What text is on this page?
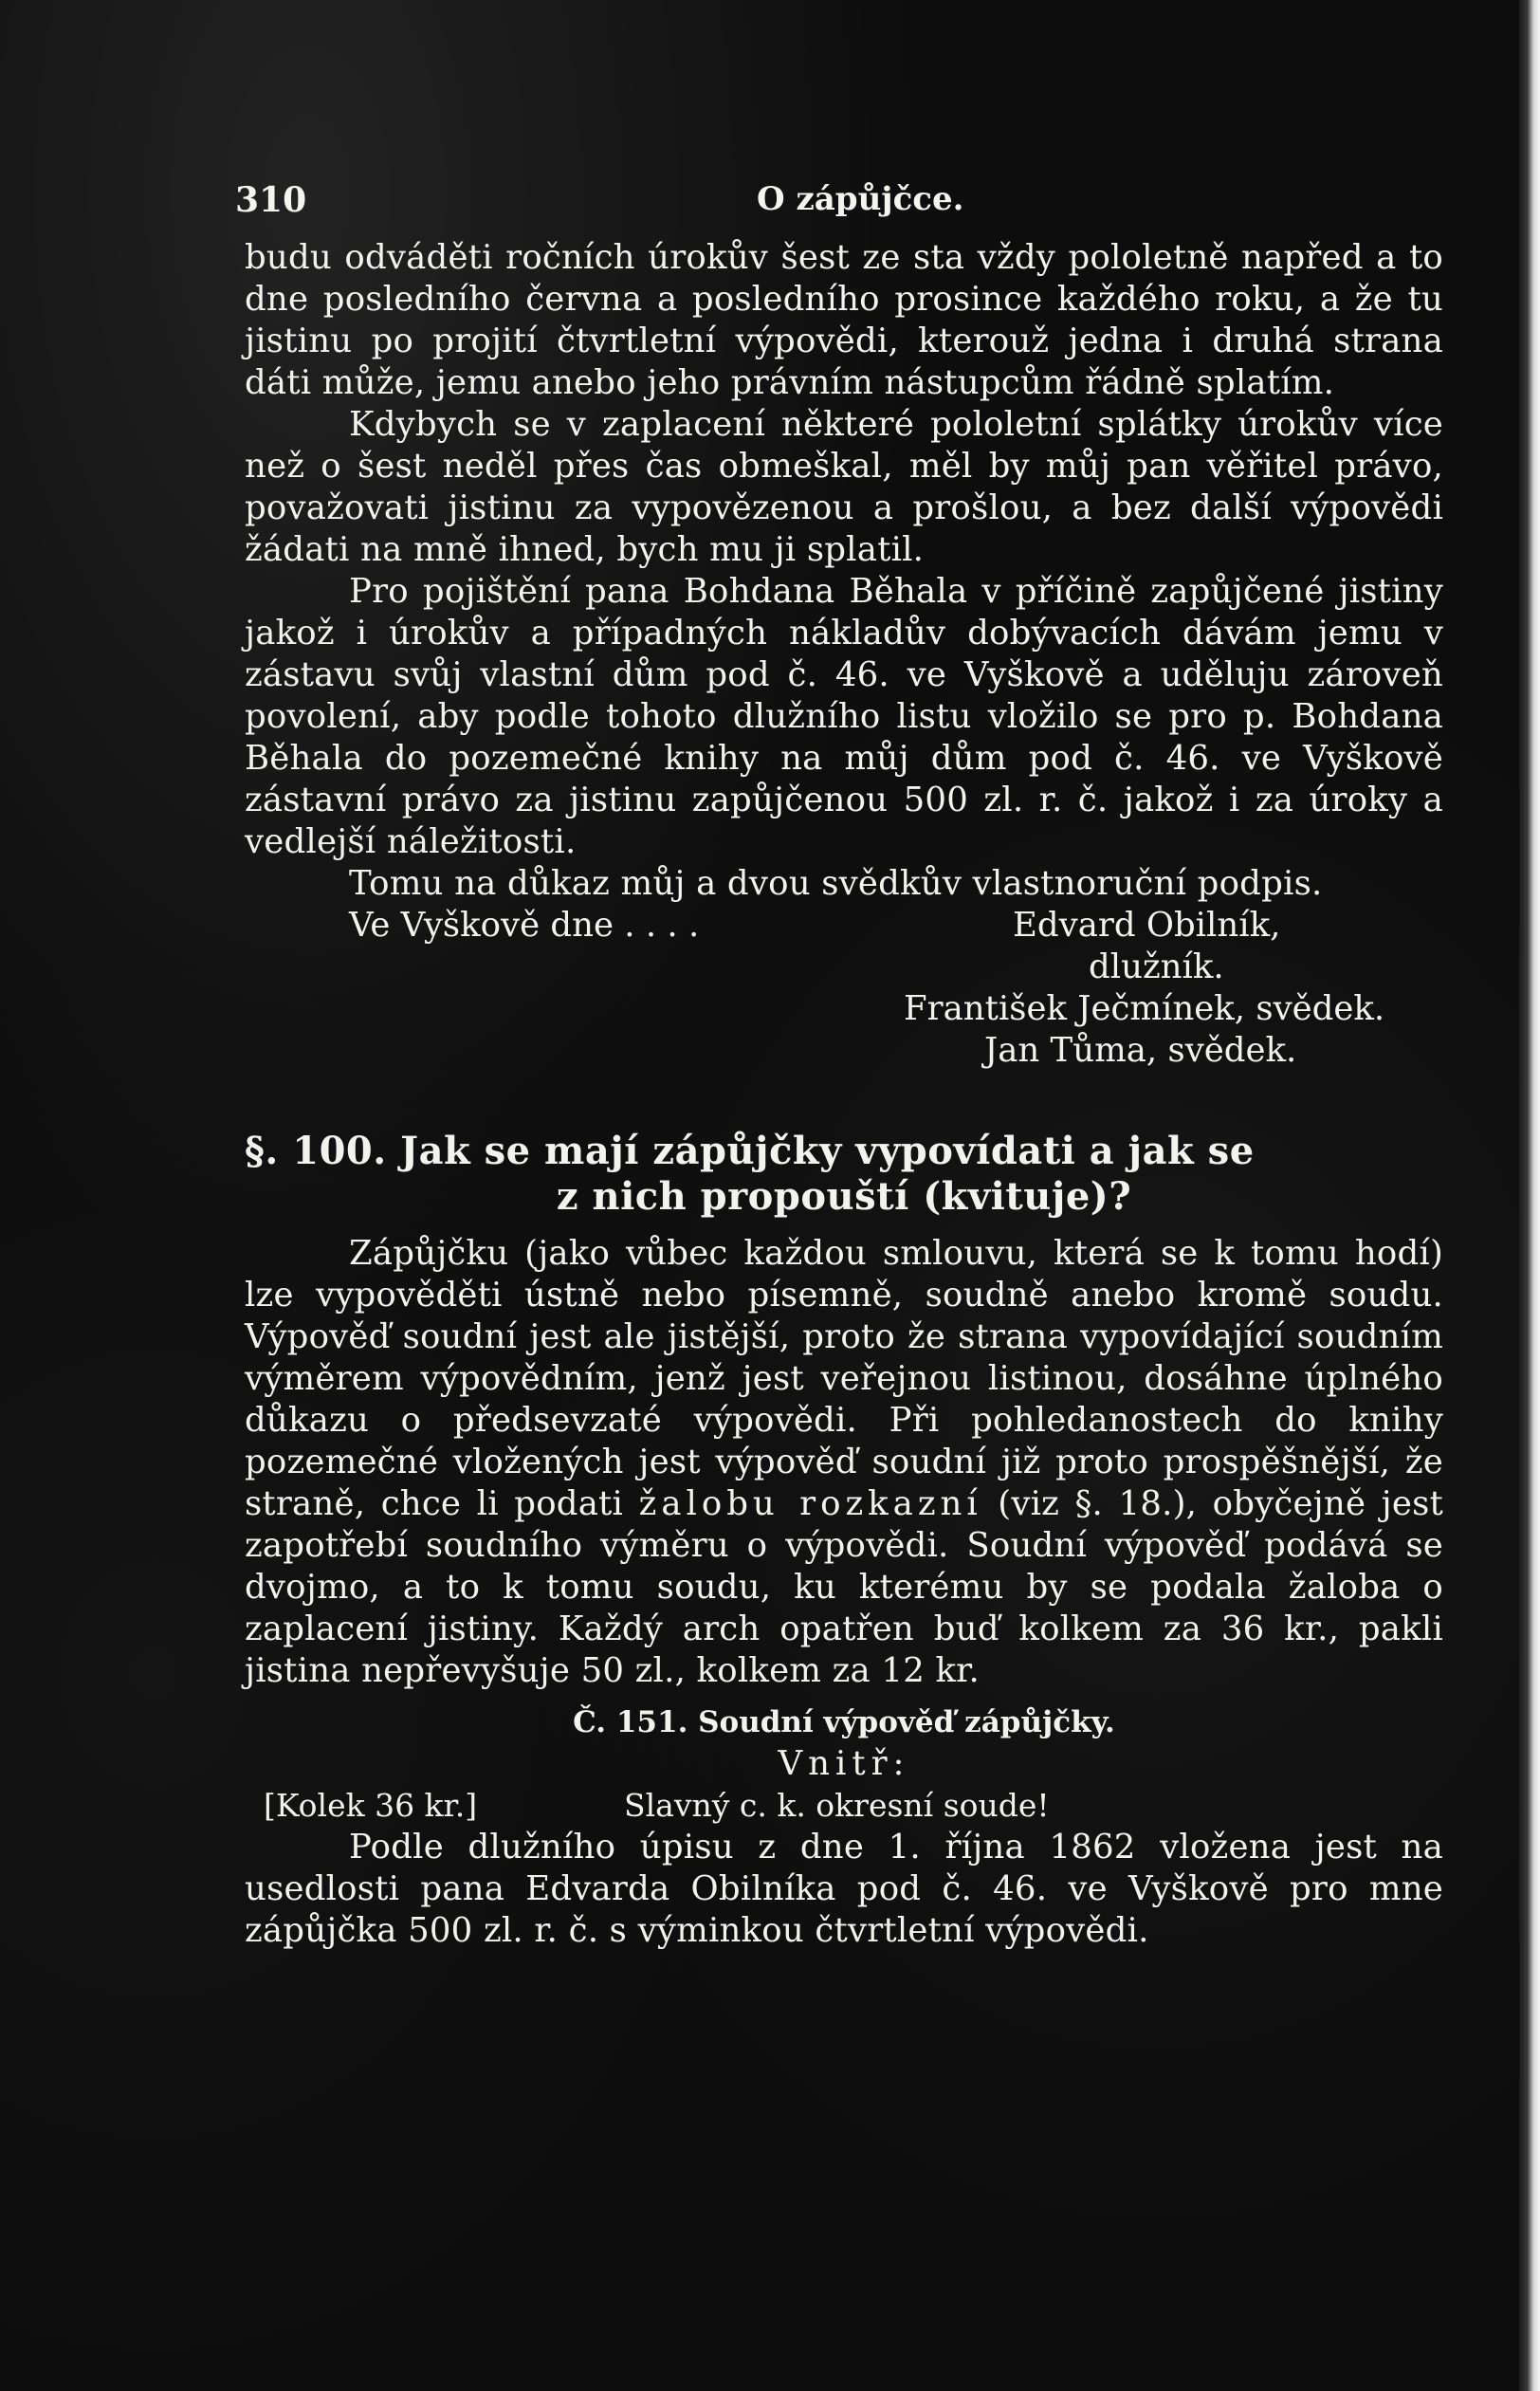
310	O zápůjčce.

budu odváděti ročních úrokův šest ze sta vždy pololetně napřed a to dne posledního června a posledního prosince každého roku, a že tu jistinu po projití čtvrtletní výpovědi, kterouž jedna i druhá strana dáti může, jemu anebo jeho právním nástupcům řádně splatím.

Kdybych se v zaplacení některé pololetní splátky úrokův více než o šest neděl přes čas obmeškal, měl by můj pan věřitel právo, považovati jistinu za vypovězenou a prošlou, a bez další výpovědi žádati na mně ihned, bych mu ji splatil.

Pro pojištění pana Bohdana Běhala v příčině zapůjčené jistiny jakož i úrokův a případných nákladův dobývacích dávám jemu v zástavu svůj vlastní dům pod č. 46. ve Vyškově a uděluju zároveň povolení, aby podle tohoto dlužního listu vložilo se pro p. Bohdana Běhala do pozemečné knihy na můj dům pod č. 46. ve Vyškově zástavní právo za jistinu zapůjčenou 500 zl. r. č. jakož i za úroky a vedlejší náležitosti.

Tomu na důkaz můj a dvou svědkův vlastnoruční podpis.

Ve Vyškově dne . . . .	Edvard Obilník,
dlužník.
František Ječmínek, svědek.
Jan Tůma, svědek.
§. 100. Jak se mají zápůjčky vypovídati a jak se
z nich propouští (kvituje)?

Zápůjčku (jako vůbec každou smlouvu, která se k tomu hodí) lze vypověděti ústně nebo písemně, soudně anebo kromě soudu. Výpověď soudní jest ale jistější, proto že strana vypovídající soudním výměrem výpovědním, jenž jest veřejnou listinou, dosáhne úplného důkazu o předsevzaté výpovědi. Při pohledanostech do knihy pozemečné vložených jest výpověď soudní již proto prospěšnější, že straně, chce li podati žalobu rozkazní (viz §. 18.), obyčejně jest zapotřebí soudního výměru o výpovědi. Soudní výpověď podává se dvojmo, a to k tomu soudu, ku kterému by se podala žaloba o zaplacení jistiny. Každý arch opatřen buď kolkem za 36 kr., pakli jistina nepřevyšuje 50 zl., kolkem za 12 kr.

Č. 151. Soudní výpověď zápůjčky.
Vnitř:
[Kolek 36 kr.]	Slavný c. k. okresní soude!

Podle dlužního úpisu z dne 1. října 1862 vložena jest na usedlosti pana Edvarda Obilníka pod č. 46. ve Vyškově pro mne zápůjčka 500 zl. r. č. s výminkou čtvrtletní výpovědi.
